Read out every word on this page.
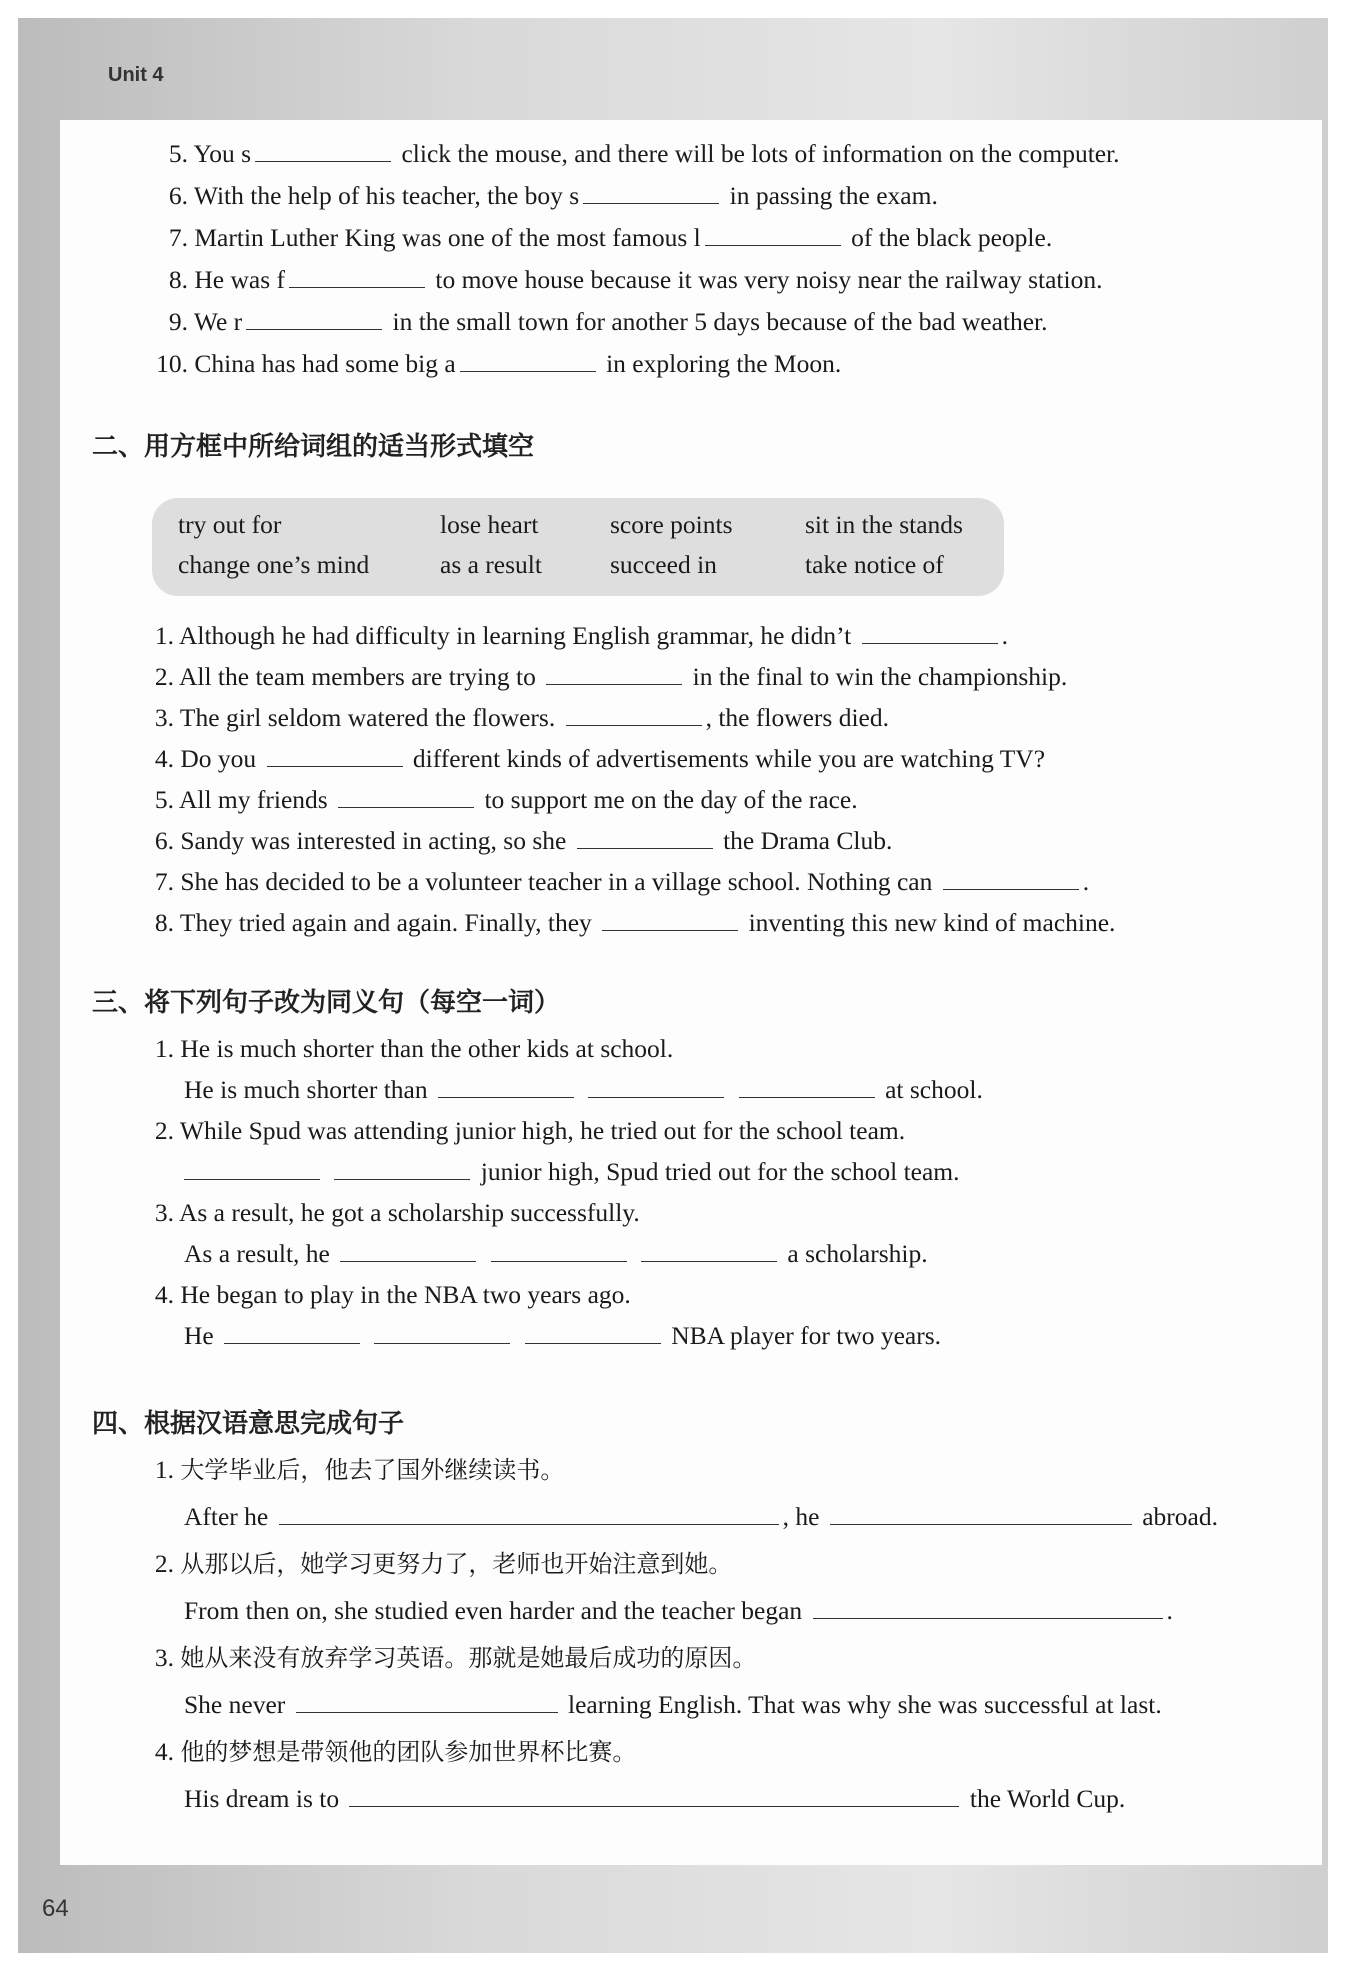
Unit 4
5. You s	click the mouse, and there will be lots of information on the computer.
6. With the help of his teacher, the boy s	in passing the exam.
7. Martin Luther King was one of the most famous l	of the black people.
8. He was f	to move house because it was very noisy near the railway station.
9. We r	in the small town for another 5 days because of the bad weather.
10. China has had some big a	in exploring the Moon.
二、用方框中所给词组的适当形式填空
try out for	lose heart	score points	sit in the stands
change one’s mind	as a result	succeed in	take notice of
1. Although he had difficulty in learning English grammar, he didn’t	.
2. All the team members are trying to	in the final to win the championship.
3. The girl seldom watered the flowers.	, the flowers died.
4. Do you	different kinds of advertisements while you are watching TV?
5. All my friends	to support me on the day of the race.
6. Sandy was interested in acting, so she	the Drama Club.
7. She has decided to be a volunteer teacher in a village school. Nothing can	.
8. They tried again and again. Finally, they	inventing this new kind of machine.
三、将下列句子改为同义句（每空一词）
1. He is much shorter than the other kids at school.
He is much shorter than	at school.
2. While Spud was attending junior high, he tried out for the school team.
junior high, Spud tried out for the school team.
3. As a result, he got a scholarship successfully.
As a result, he	a scholarship.
4. He began to play in the NBA two years ago.
He	NBA player for two years.
四、根据汉语意思完成句子
1. 大学毕业后，他去了国外继续读书。
After he	, he	abroad.
2. 从那以后，她学习更努力了，老师也开始注意到她。
From then on, she studied even harder and the teacher began	.
3. 她从来没有放弃学习英语。那就是她最后成功的原因。
She never	learning English. That was why she was successful at last.
4. 他的梦想是带领他的团队参加世界杯比赛。
His dream is to	the World Cup.
64
